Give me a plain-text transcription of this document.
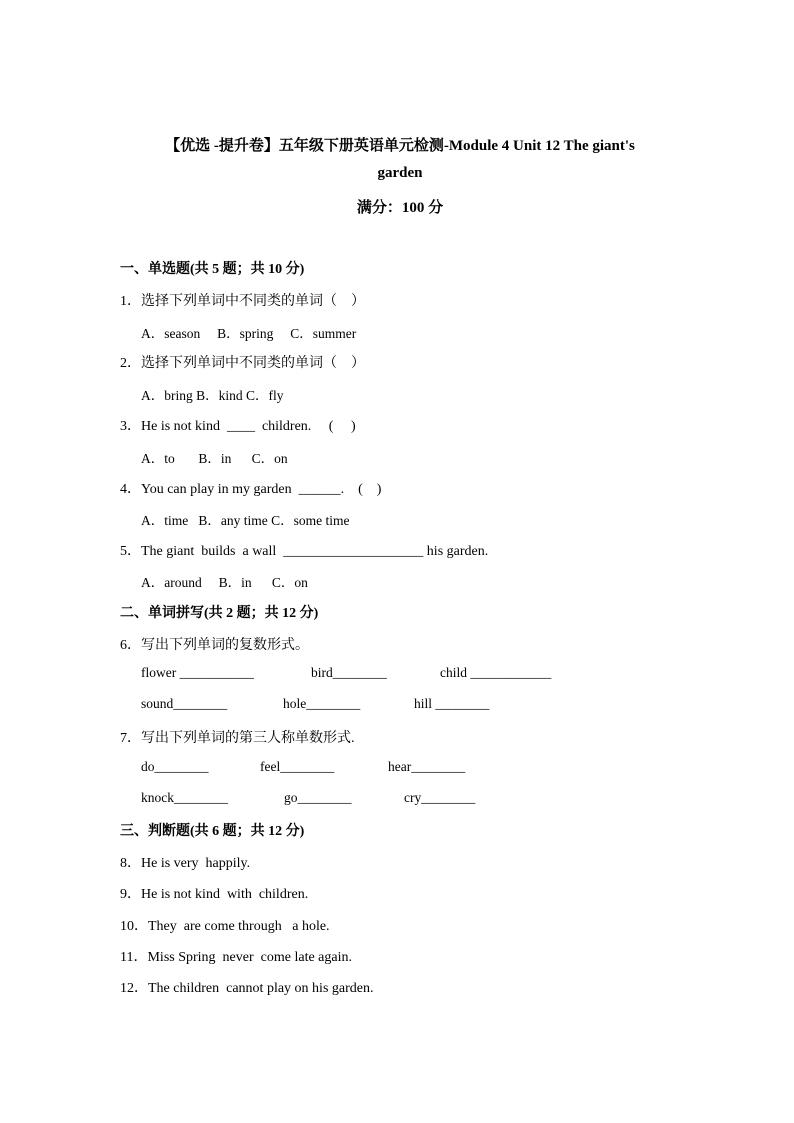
【优选 -提升卷】五年级下册英语单元检测-Module 4 Unit 12 The giant's
garden
满分：100 分
一、单选题(共 5 题；共 10 分)
1．选择下列单词中不同类的单词（    ）
A．season     B．spring     C．summer
2．选择下列单词中不同类的单词（    ）
A．bring B．kind C．fly
3．He is not kind  ____  children.     (     )
A．to       B．in      C．on
4．You can play in my garden  ______.    (    )
A．time   B．any time C．some time
5．The giant  builds  a wall  ____________________ his garden.
A．around     B．in      C．on
二、单词拼写(共 2 题；共 12 分)
6．写出下列单词的复数形式。
flower ___________	bird________	child ____________
sound________	hole________	hill ________
7．写出下列单词的第三人称单数形式.
do________	feel________	hear________
knock________	go________	cry________
三、判断题(共 6 题；共 12 分)
8．He is very  happily.
9．He is not kind  with  children.
10．They  are come through   a hole.
11．Miss Spring  never  come late again.
12．The children  cannot play on his garden.
